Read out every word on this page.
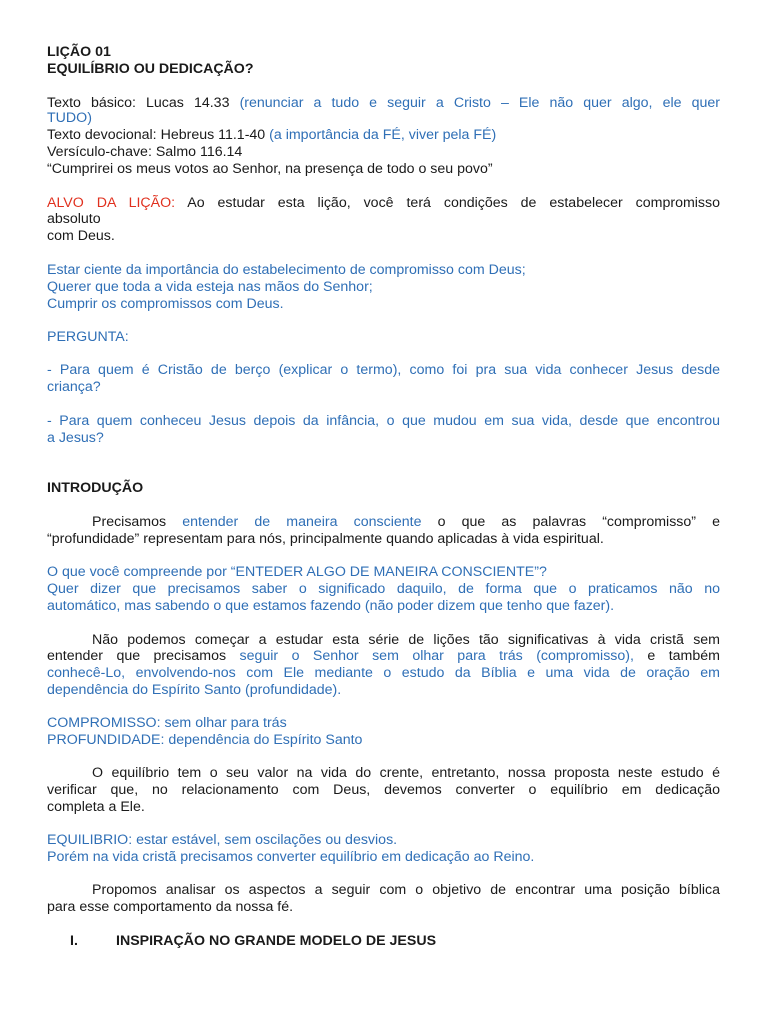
LIÇÃO 01
EQUILÍBRIO OU DEDICAÇÃO?
Texto básico: Lucas 14.33 (renunciar a tudo e seguir a Cristo – Ele não quer algo, ele quer
TUDO)
Texto devocional: Hebreus 11.1-40 (a importância da FÉ, viver pela FÉ)
Versículo-chave: Salmo 116.14
“Cumprirei os meus votos ao Senhor, na presença de todo o seu povo”
ALVO DA LIÇÃO: Ao estudar esta lição, você terá condições de estabelecer compromisso
absoluto
com Deus.
Estar ciente da importância do estabelecimento de compromisso com Deus;
Querer que toda a vida esteja nas mãos do Senhor;
Cumprir os compromissos com Deus.
PERGUNTA:
- Para quem é Cristão de berço (explicar o termo), como foi pra sua vida conhecer Jesus desde
criança?
- Para quem conheceu Jesus depois da infância, o que mudou em sua vida, desde que encontrou
a Jesus?
INTRODUÇÃO
Precisamos entender de maneira consciente o que as palavras “compromisso” e
“profundidade” representam para nós, principalmente quando aplicadas à vida espiritual.
O que você compreende por “ENTEDER ALGO DE MANEIRA CONSCIENTE”?
Quer dizer que precisamos saber o significado daquilo, de forma que o praticamos não no
automático, mas sabendo o que estamos fazendo (não poder dizem que tenho que fazer).
Não podemos começar a estudar esta série de lições tão significativas à vida cristã sem
entender que precisamos seguir o Senhor sem olhar para trás (compromisso), e também
conhecê-Lo, envolvendo-nos com Ele mediante o estudo da Bíblia e uma vida de oração em
dependência do Espírito Santo (profundidade).
COMPROMISSO: sem olhar para trás
PROFUNDIDADE: dependência do Espírito Santo
O equilíbrio tem o seu valor na vida do crente, entretanto, nossa proposta neste estudo é
verificar que, no relacionamento com Deus, devemos converter o equilíbrio em dedicação
completa a Ele.
EQUILIBRIO: estar estável, sem oscilações ou desvios.
Porém na vida cristã precisamos converter equilíbrio em dedicação ao Reino.
Propomos analisar os aspectos a seguir com o objetivo de encontrar uma posição bíblica
para esse comportamento da nossa fé.
I.	INSPIRAÇÃO NO GRANDE MODELO DE JESUS
